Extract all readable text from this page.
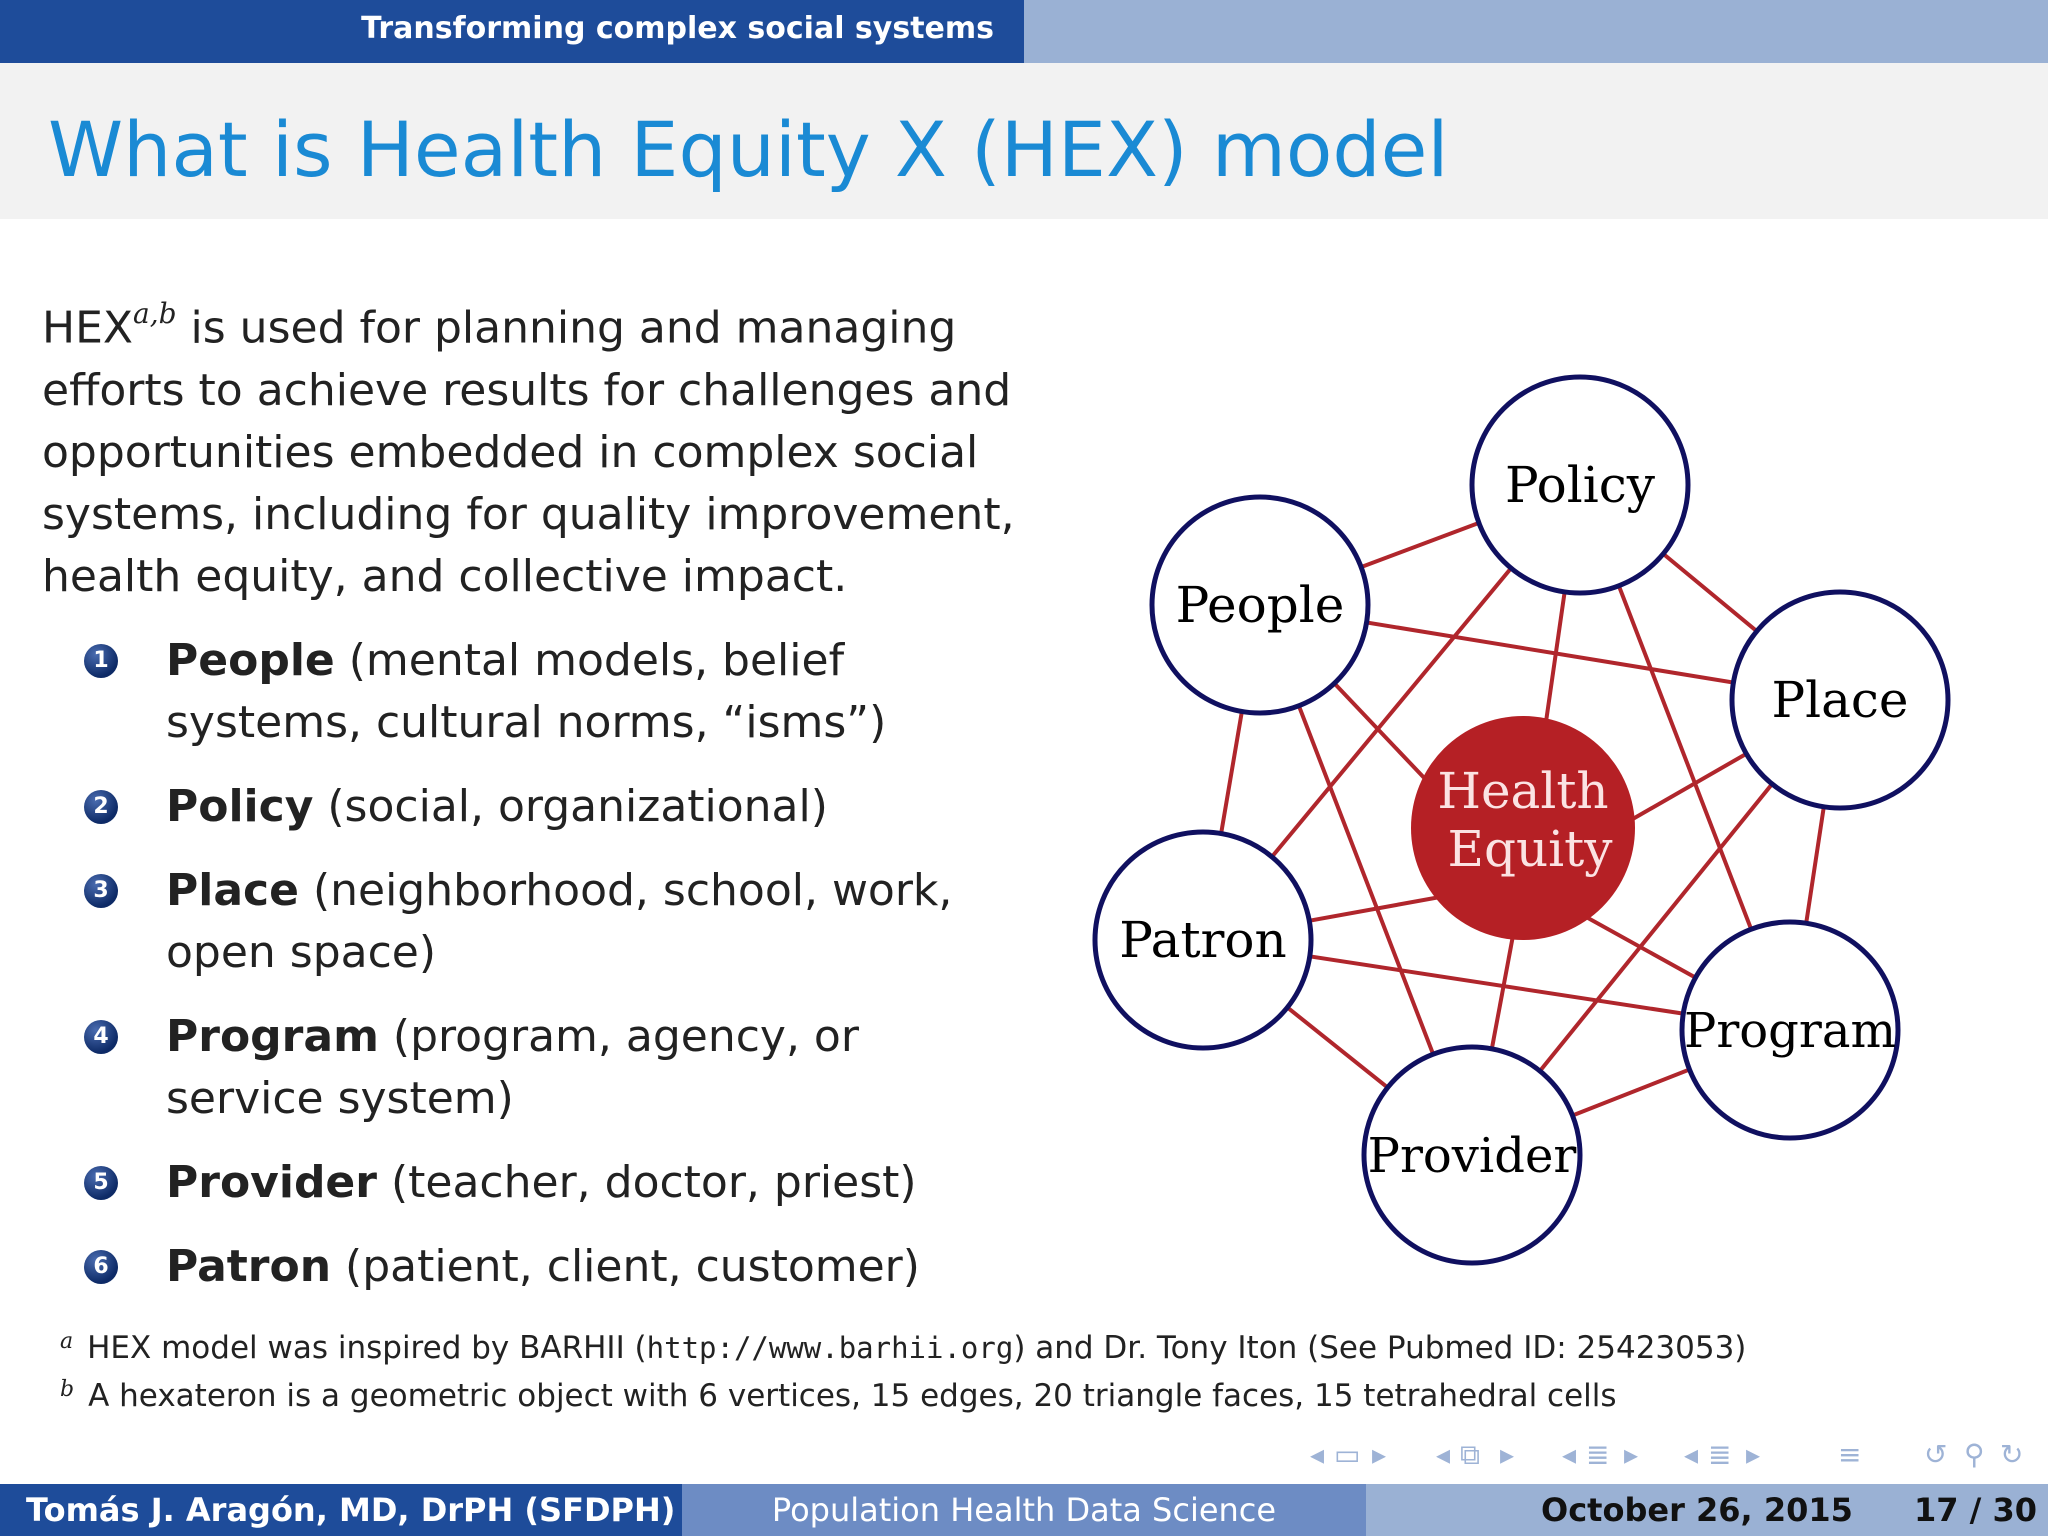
Transforming complex social systems
What is Health Equity X (HEX) model

HEX$^{a,b}$ is used for planning and managing efforts to achieve results for challenges and opportunities embedded in complex social systems, including for quality improvement, health equity, and collective impact.

1 People (mental models, belief systems, cultural norms, “isms”)
2 Policy (social, organizational)
3 Place (neighborhood, school, work, open space)
4 Program (program, agency, or service system)
5 Provider (teacher, doctor, priest)
6 Patron (patient, client, customer)
Health
Equity
Policy
People
Place
Patron
Program
Provider
$^a$ HEX model was inspired by BARHII (http://www.barhii.org) and Dr. Tony Iton (See Pubmed ID: 25423053)
$^b$ A hexateron is a geometric object with 6 vertices, 15 edges, 20 triangle faces, 15 tetrahedral cells
◂ ▭ ▸ ◂ ⧉ ▸ ◂ ≣ ▸ ◂ ≣ ▸	≡ ↺ ⚲ ↻
Tomás J. Aragón, MD, DrPH (SFDPH)	Population Health Data Science	October 26, 2015 17 / 30
